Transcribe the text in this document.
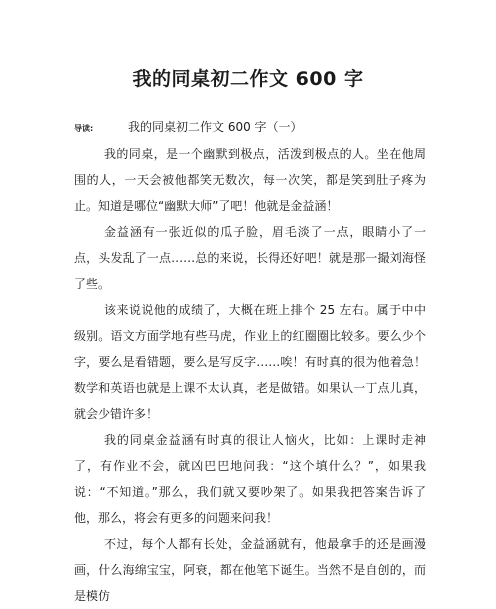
我的同桌初二作文 600 字
导读:	我的同桌初二作文 600 字（一）

我的同桌，是一个幽默到极点，活泼到极点的人。坐在他周围的人，一天会被他都笑无数次，每一次笑，都是笑到肚子疼为止。知道是哪位“幽默大师”了吧！他就是金益涵！

金益涵有一张近似的瓜子脸，眉毛淡了一点，眼睛小了一点，头发乱了一点……总的来说，长得还好吧！就是那一撮刘海怪了些。

该来说说他的成绩了，大概在班上排个 25 左右。属于中中级别。语文方面学地有些马虎，作业上的红圈圈比较多。要么少个字，要么是看错题，要么是写反字……唉！有时真的很为他着急！数学和英语也就是上课不太认真，老是做错。如果认一丁点儿真，就会少错许多！

我的同桌金益涵有时真的很让人恼火，比如：上课时走神了，有作业不会，就凶巴巴地问我：“这个填什么？”，如果我说：“不知道。”那么，我们就又要吵架了。如果我把答案告诉了他，那么，将会有更多的问题来问我！

不过，每个人都有长处，金益涵就有，他最拿手的还是画漫画，什么海绵宝宝，阿衰，都在他笔下诞生。当然不是自创的，而是模仿
